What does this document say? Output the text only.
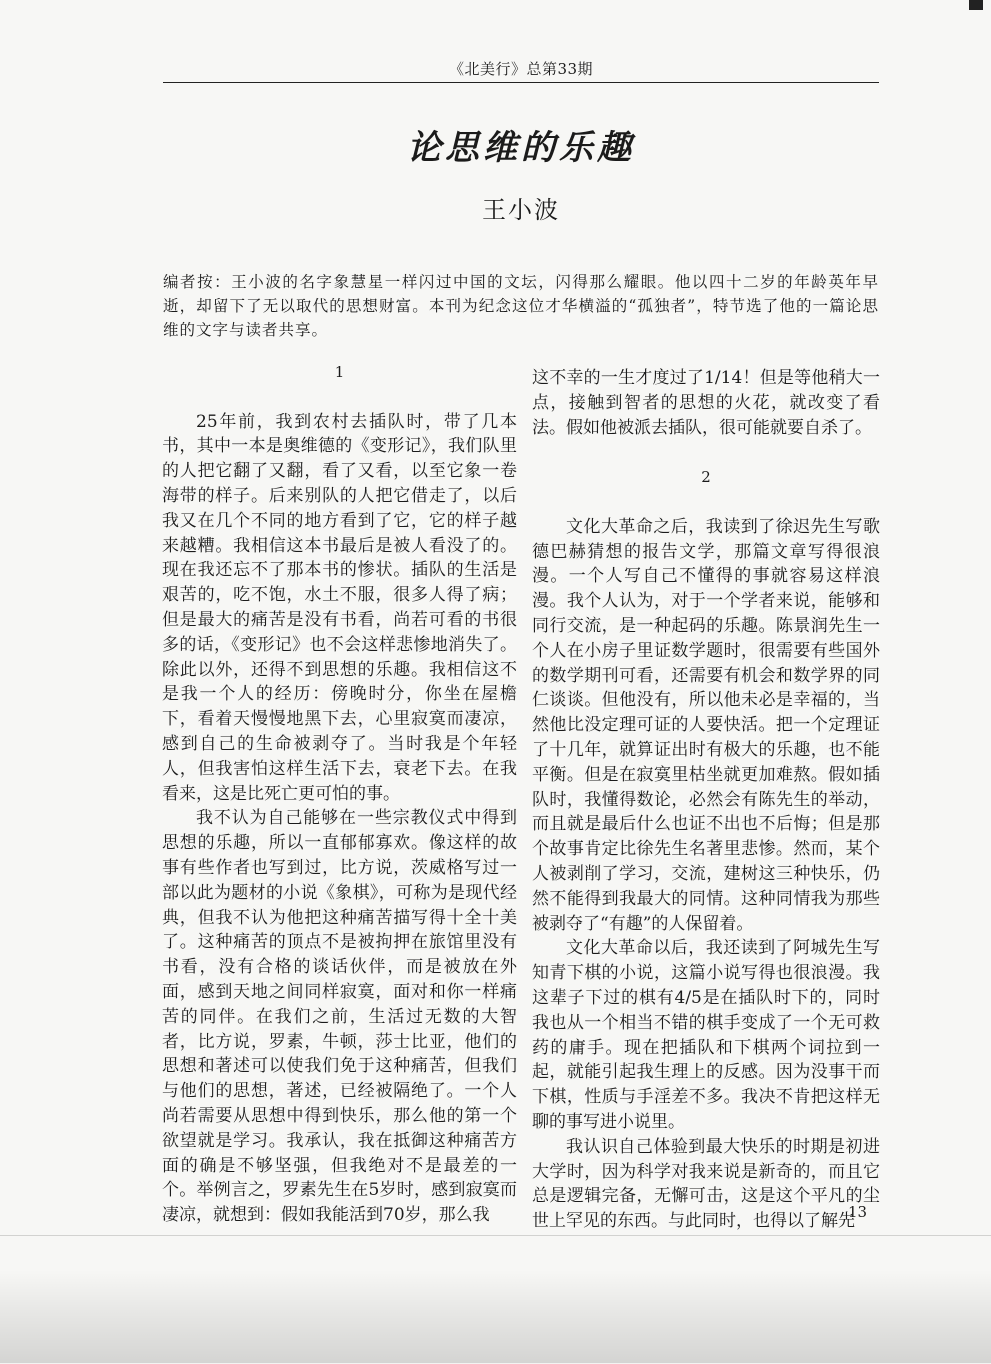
《北美行》总第33期
论思维的乐趣
王小波
编者按：王小波的名字象慧星一样闪过中国的文坛，闪得那么耀眼。他以四十二岁的年龄英年早逝，却留下了无以取代的思想财富。本刊为纪念这位才华横溢的“孤独者”，特节选了他的一篇论思维的文字与读者共享。

1

25年前，我到农村去插队时，带了几本书，其中一本是奥维德的《变形记》，我们队里的人把它翻了又翻，看了又看，以至它象一卷海带的样子。后来别队的人把它借走了，以后我又在几个不同的地方看到了它，它的样子越来越糟。我相信这本书最后是被人看没了的。现在我还忘不了那本书的惨状。插队的生活是艰苦的，吃不饱，水土不服，很多人得了病；但是最大的痛苦是没有书看，尚若可看的书很多的话，《变形记》也不会这样悲惨地消失了。除此以外，还得不到思想的乐趣。我相信这不是我一个人的经历：傍晚时分，你坐在屋檐下，看着天慢慢地黑下去，心里寂寞而凄凉，感到自己的生命被剥夺了。当时我是个年轻人，但我害怕这样生活下去，衰老下去。在我看来，这是比死亡更可怕的事。

我不认为自己能够在一些宗教仪式中得到思想的乐趣，所以一直郁郁寡欢。像这样的故事有些作者也写到过，比方说，茨威格写过一部以此为题材的小说《象棋》，可称为是现代经典，但我不认为他把这种痛苦描写得十全十美了。这种痛苦的顶点不是被拘押在旅馆里没有书看，没有合格的谈话伙伴，而是被放在外面，感到天地之间同样寂寞，面对和你一样痛苦的同伴。在我们之前，生活过无数的大智者，比方说，罗素，牛顿，莎士比亚，他们的思想和著述可以使我们免于这种痛苦，但我们与他们的思想，著述，已经被隔绝了。一个人尚若需要从思想中得到快乐，那么他的第一个欲望就是学习。我承认，我在抵御这种痛苦方面的确是不够坚强，但我绝对不是最差的一个。举例言之，罗素先生在5岁时，感到寂寞而凄凉，就想到：假如我能活到70岁，那么我

这不幸的一生才度过了1/14！但是等他稍大一点，接触到智者的思想的火花，就改变了看法。假如他被派去插队，很可能就要自杀了。

2

文化大革命之后，我读到了徐迟先生写歌德巴赫猜想的报告文学，那篇文章写得很浪漫。一个人写自己不懂得的事就容易这样浪漫。我个人认为，对于一个学者来说，能够和同行交流，是一种起码的乐趣。陈景润先生一个人在小房子里证数学题时，很需要有些国外的数学期刊可看，还需要有机会和数学界的同仁谈谈。但他没有，所以他未必是幸福的，当然他比没定理可证的人要快活。把一个定理证了十几年，就算证出时有极大的乐趣，也不能平衡。但是在寂寞里枯坐就更加难熬。假如插队时，我懂得数论，必然会有陈先生的举动，而且就是最后什么也证不出也不后悔；但是那个故事肯定比徐先生名著里悲惨。然而，某个人被剥削了学习，交流，建树这三种快乐，仍然不能得到我最大的同情。这种同情我为那些被剥夺了“有趣”的人保留着。

文化大革命以后，我还读到了阿城先生写知青下棋的小说，这篇小说写得也很浪漫。我这辈子下过的棋有4/5是在插队时下的，同时我也从一个相当不错的棋手变成了一个无可救药的庸手。现在把插队和下棋两个词拉到一起，就能引起我生理上的反感。因为没事干而下棋，性质与手淫差不多。我决不肯把这样无聊的事写进小说里。

我认识自己体验到最大快乐的时期是初进大学时，因为科学对我来说是新奇的，而且它总是逻辑完备，无懈可击，这是这个平凡的尘世上罕见的东西。与此同时，也得以了解先

13
